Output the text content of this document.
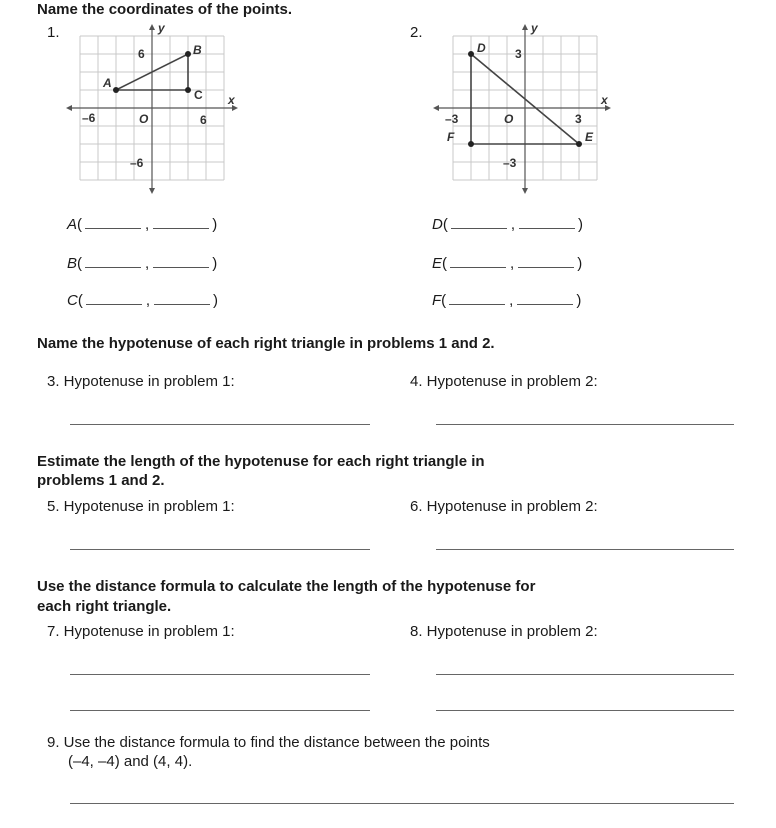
Name the coordinates of the points.
1.	2.
y
x
–6	6
6
–6
O
A
B
C
y
x
–3	3
3
–3
O
D
E
F
A (	,	)
B (	,	)
C (	,	)
D (	,	)
E (	,	)
F (	,	)
Name the hypotenuse of each right triangle in problems 1 and 2.
3. Hypotenuse in problem 1:	4. Hypotenuse in problem 2:
Estimate the length of the hypotenuse for each right triangle in
problems 1 and 2.
5. Hypotenuse in problem 1:	6. Hypotenuse in problem 2:
Use the distance formula to calculate the length of the hypotenuse for
each right triangle.
7. Hypotenuse in problem 1:	8. Hypotenuse in problem 2:
9. Use the distance formula to find the distance between the points
(–4, –4) and (4, 4).
